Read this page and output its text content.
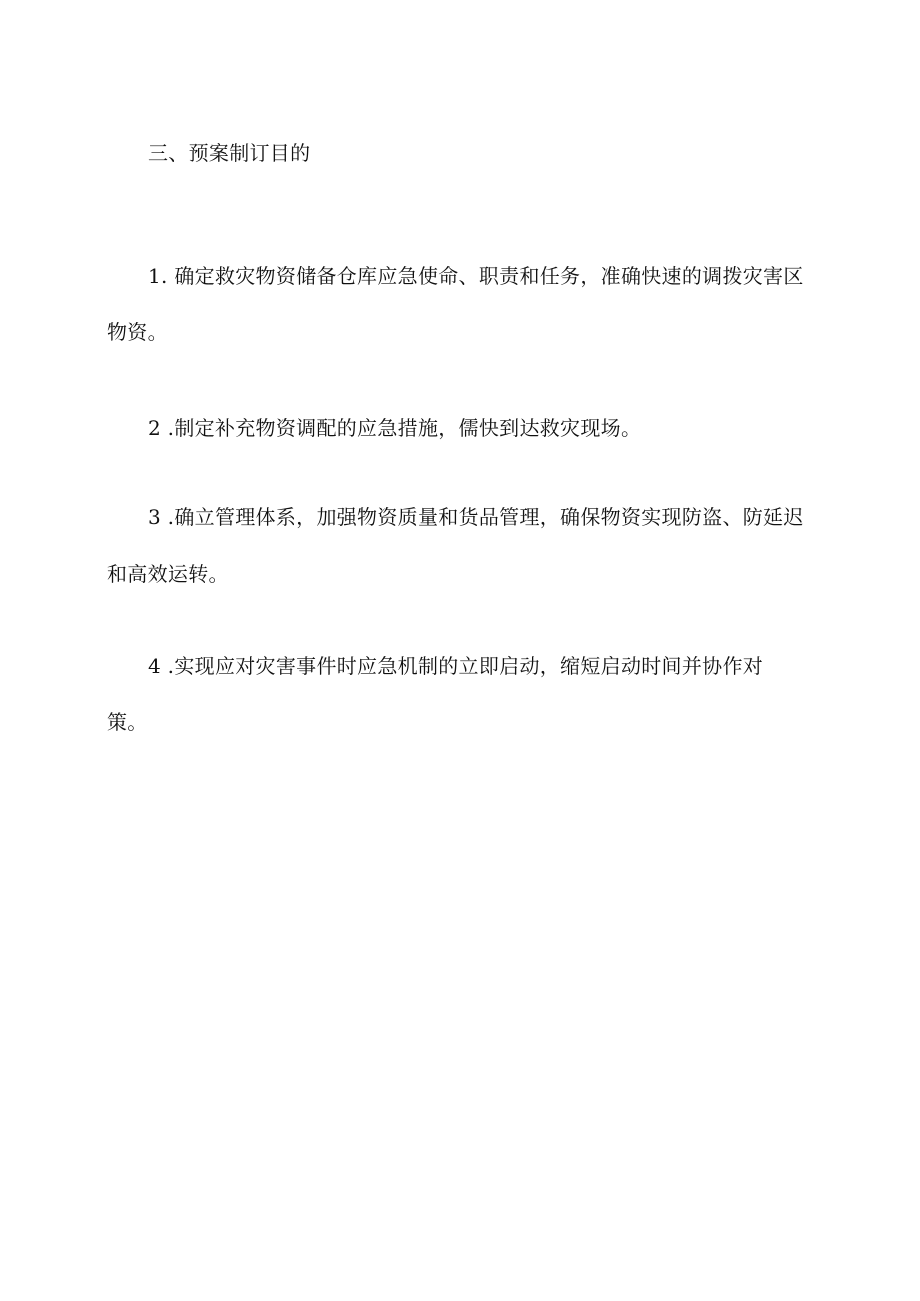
三、预案制订目的
1. 确定救灾物资储备仓库应急使命、职责和任务，准确快速的调拨灾害区
物资。
2 .制定补充物资调配的应急措施，儒快到达救灾现场。
3 .确立管理体系，加强物资质量和货品管理，确保物资实现防盗、防延迟
和高效运转。
4 .实现应对灾害事件时应急机制的立即启动，缩短启动时间并协作对
策。
